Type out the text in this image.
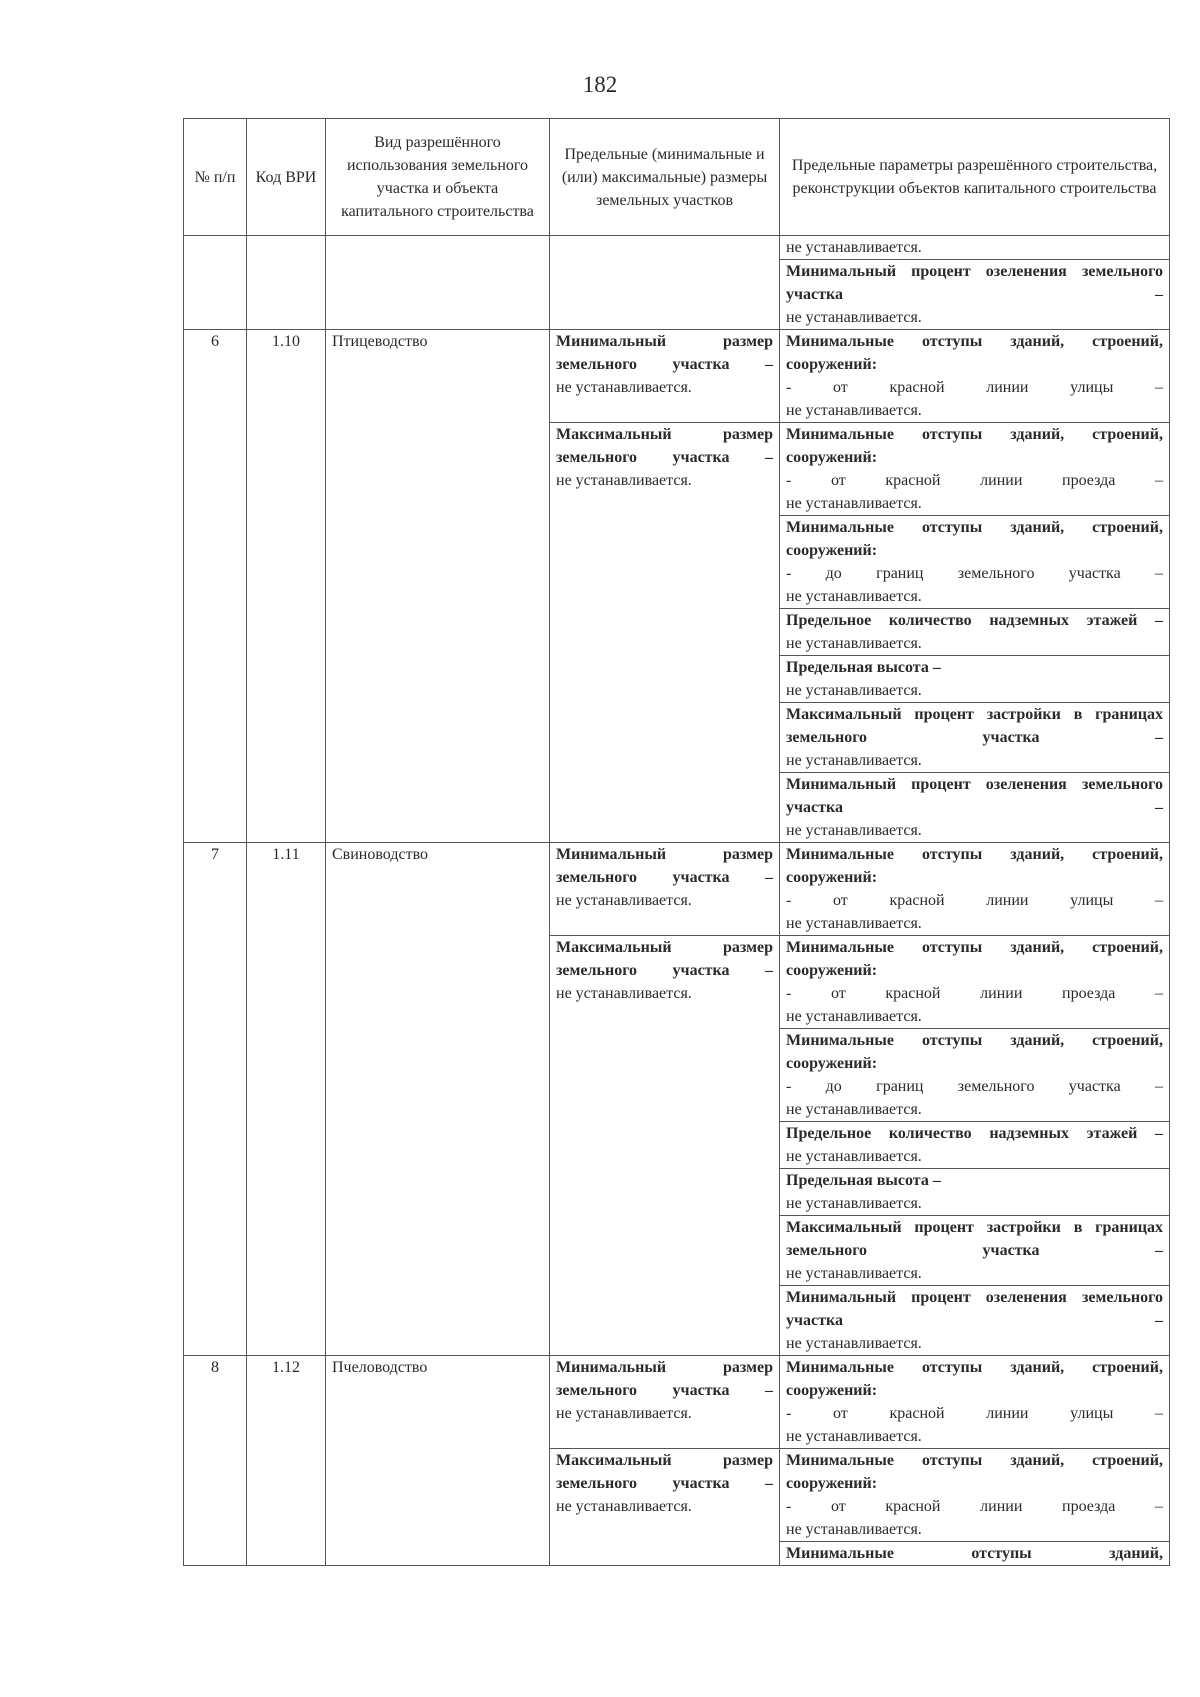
182
№ п/п	Код ВРИ	Вид разрешённого использования земельного участка и объекта капитального строительства	Предельные (минимальные и (или) максимальные) размеры земельных участков	Предельные параметры разрешённого строительства, реконструкции объектов капитального строительства
				не устанавливается.

				Минимальный процент озеленения земельного участка –
не устанавливается.

6	1.10	Птицеводство	Минимальный размер земельного участка –
не устанавливается.	Минимальные отступы зданий, строений, сооружений:
- от красной линии улицы –
не устанавливается.

			Максимальный размер земельного участка –
не устанавливается.	Минимальные отступы зданий, строений, сооружений:
- от красной линии проезда –
не устанавливается.

				Минимальные отступы зданий, строений, сооружений:
- до границ земельного участка –
не устанавливается.

				Предельное количество надземных этажей –
не устанавливается.

				Предельная высота –
не устанавливается.

				Максимальный процент застройки в границах земельного участка –
не устанавливается.

				Минимальный процент озеленения земельного участка –
не устанавливается.

7	1.11	Свиноводство	Минимальный размер земельного участка –
не устанавливается.	Минимальные отступы зданий, строений, сооружений:
- от красной линии улицы –
не устанавливается.

			Максимальный размер земельного участка –
не устанавливается.	Минимальные отступы зданий, строений, сооружений:
- от красной линии проезда –
не устанавливается.

				Минимальные отступы зданий, строений, сооружений:
- до границ земельного участка –
не устанавливается.

				Предельное количество надземных этажей –
не устанавливается.

				Предельная высота –
не устанавливается.

				Максимальный процент застройки в границах земельного участка –
не устанавливается.

				Минимальный процент озеленения земельного участка –
не устанавливается.

8	1.12	Пчеловодство	Минимальный размер земельного участка –
не устанавливается.	Минимальные отступы зданий, строений, сооружений:
- от красной линии улицы –
не устанавливается.

			Максимальный размер земельного участка –
не устанавливается.	Минимальные отступы зданий, строений, сооружений:
- от красной линии проезда –
не устанавливается.

				Минимальные отступы зданий,
